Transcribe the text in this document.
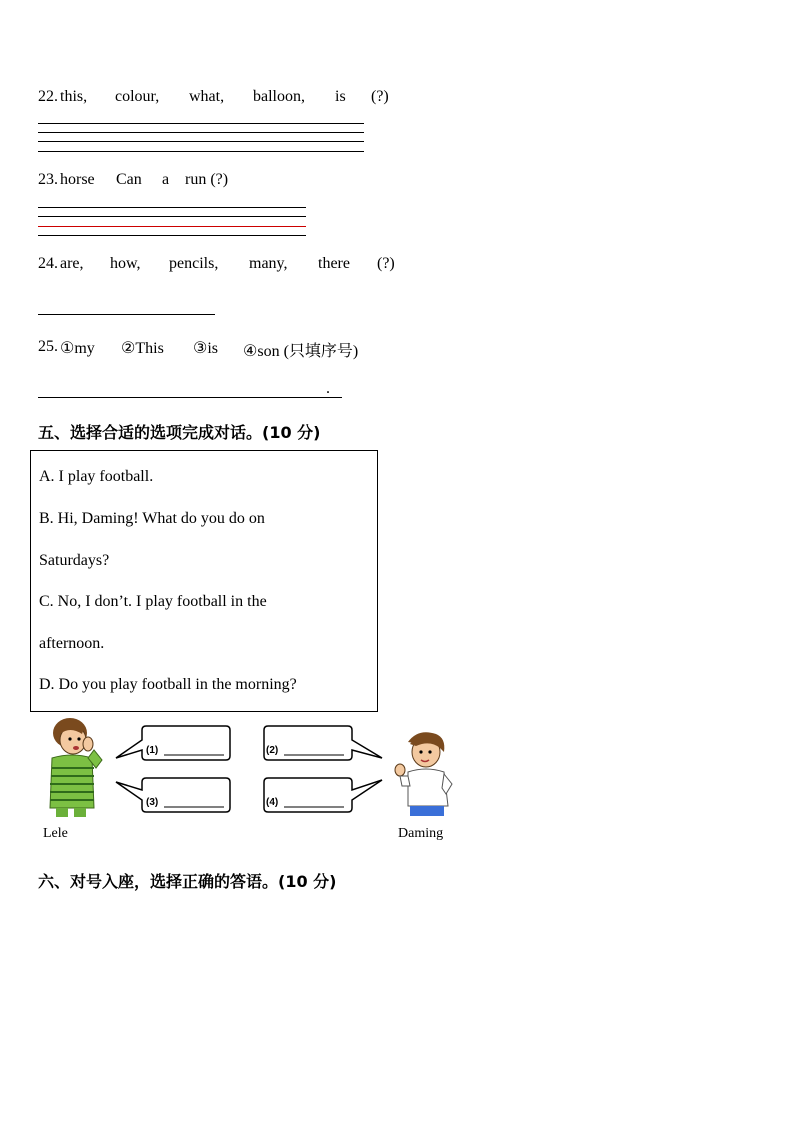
22. this, colour, what, balloon, is (?)
23. horse Can a run (?)
24. are, how, pencils, many, there (?)
25. ①my ②This ③is ④son (只填序号)
.
五、选择合适的选项完成对话。(10 分)
A. I play football.
B. Hi, Daming! What do you do on
Saturdays?
C. No, I don’t. I play football in the
afternoon.
D. Do you play football in the morning?
(1)
(3)
(2)
(4)
Lele	Daming
六、对号入座，选择正确的答语。(10 分)
